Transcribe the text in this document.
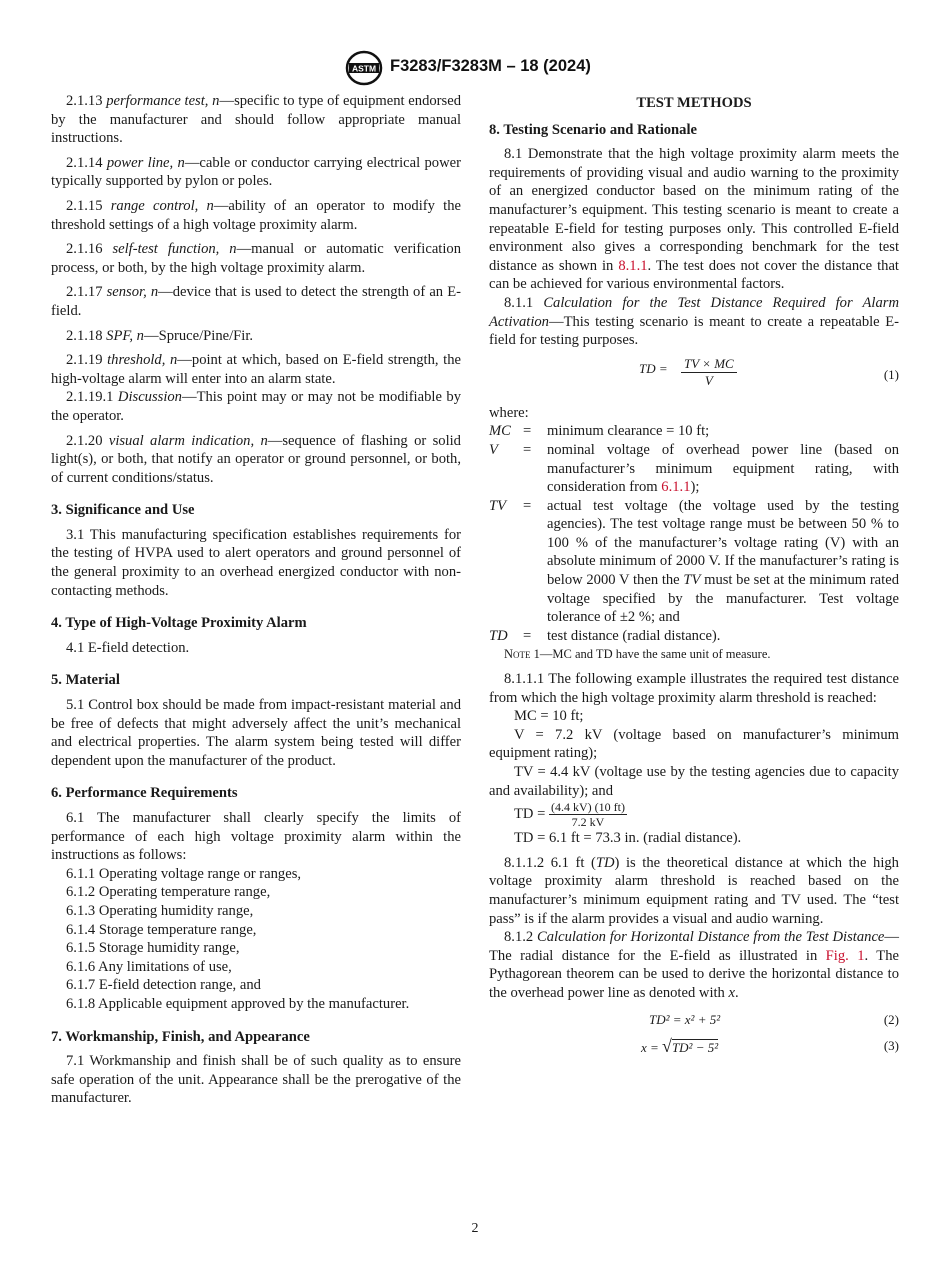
ASTM F3283/F3283M – 18 (2024)

2.1.13 performance test, n—specific to type of equipment endorsed by the manufacturer and should follow appropriate manual instructions.

2.1.14 power line, n—cable or conductor carrying electrical power typically supported by pylon or poles.

2.1.15 range control, n—ability of an operator to modify the threshold settings of a high voltage proximity alarm.

2.1.16 self-test function, n—manual or automatic verification process, or both, by the high voltage proximity alarm.

2.1.17 sensor, n—device that is used to detect the strength of an E-field.

2.1.18 SPF, n—Spruce/Pine/Fir.

2.1.19 threshold, n—point at which, based on E-field strength, the high-voltage alarm will enter into an alarm state.

2.1.19.1 Discussion—This point may or may not be modifiable by the operator.

2.1.20 visual alarm indication, n—sequence of flashing or solid light(s), or both, that notify an operator or ground personnel, or both, of current conditions/status.

3. Significance and Use

3.1 This manufacturing specification establishes requirements for the testing of HVPA used to alert operators and ground personnel of the general proximity to an overhead energized conductor with non-contacting methods.

4. Type of High-Voltage Proximity Alarm

4.1 E-field detection.

5. Material

5.1 Control box should be made from impact-resistant material and be free of defects that might adversely affect the unit’s mechanical and electrical properties. The alarm system being tested will differ dependent upon the manufacturer of the product.

6. Performance Requirements

6.1 The manufacturer shall clearly specify the limits of performance of each high voltage proximity alarm within the instructions as follows:

6.1.1 Operating voltage range or ranges,

6.1.2 Operating temperature range,

6.1.3 Operating humidity range,

6.1.4 Storage temperature range,

6.1.5 Storage humidity range,

6.1.6 Any limitations of use,

6.1.7 E-field detection range, and

6.1.8 Applicable equipment approved by the manufacturer.

7. Workmanship, Finish, and Appearance

7.1 Workmanship and finish shall be of such quality as to ensure safe operation of the unit. Appearance shall be the prerogative of the manufacturer.

TEST METHODS
8. Testing Scenario and Rationale

8.1 Demonstrate that the high voltage proximity alarm meets the requirements of providing visual and audio warning to the proximity of an energized conductor based on the minimum rating of the manufacturer’s equipment. This testing scenario is meant to create a repeatable E-field for testing purposes only. This controlled E-field environment also gives a corresponding benchmark for the test distance as shown in 8.1.1. The test does not cover the distance that can be achieved for various environmental factors.

8.1.1 Calculation for the Test Distance Required for Alarm Activation—This testing scenario is meant to create a repeatable E-field for testing purposes.

TD = $\frac{TV \times MC}{V}$	(1)

where:

MC =	minimum clearance = 10 ft;
V	=	nominal voltage of overhead power line (based on manufacturer’s minimum equipment rating, with consideration from 6.1.1);
TV	=	actual test voltage (the voltage used by the testing agencies). The test voltage range must be between 50 % to 100 % of the manufacturer’s voltage rating (V) with an absolute minimum of 2000 V. If the manufacturer’s rating is below 2000 V then the TV must be set at the minimum rated voltage specified by the manufacturer. Test voltage tolerance of ±2 %; and
TD	=	test distance (radial distance).

Note 1—MC and TD have the same unit of measure.

8.1.1.1 The following example illustrates the required test distance from which the high voltage proximity alarm threshold is reached:

MC = 10 ft;

V = 7.2 kV (voltage based on manufacturer’s minimum equipment rating);

TV = 4.4 kV (voltage use by the testing agencies due to capacity and availability); and

TD = $\frac{(4.4 kV) (10 ft)}{7.2 kV}$

TD = 6.1 ft = 73.3 in. (radial distance).

8.1.1.2 6.1 ft (TD) is the theoretical distance at which the high voltage proximity alarm threshold is reached based on the manufacturer’s minimum equipment rating and TV used. The “test pass” is if the alarm provides a visual and audio warning.

8.1.2 Calculation for Horizontal Distance from the Test Distance—The radial distance for the E-field as illustrated in Fig. 1. The Pythagorean theorem can be used to derive the horizontal distance to the overhead power line as denoted with x.

TD² = x² + 5²	(2)
x = √TD² − 5²	(3)
2
